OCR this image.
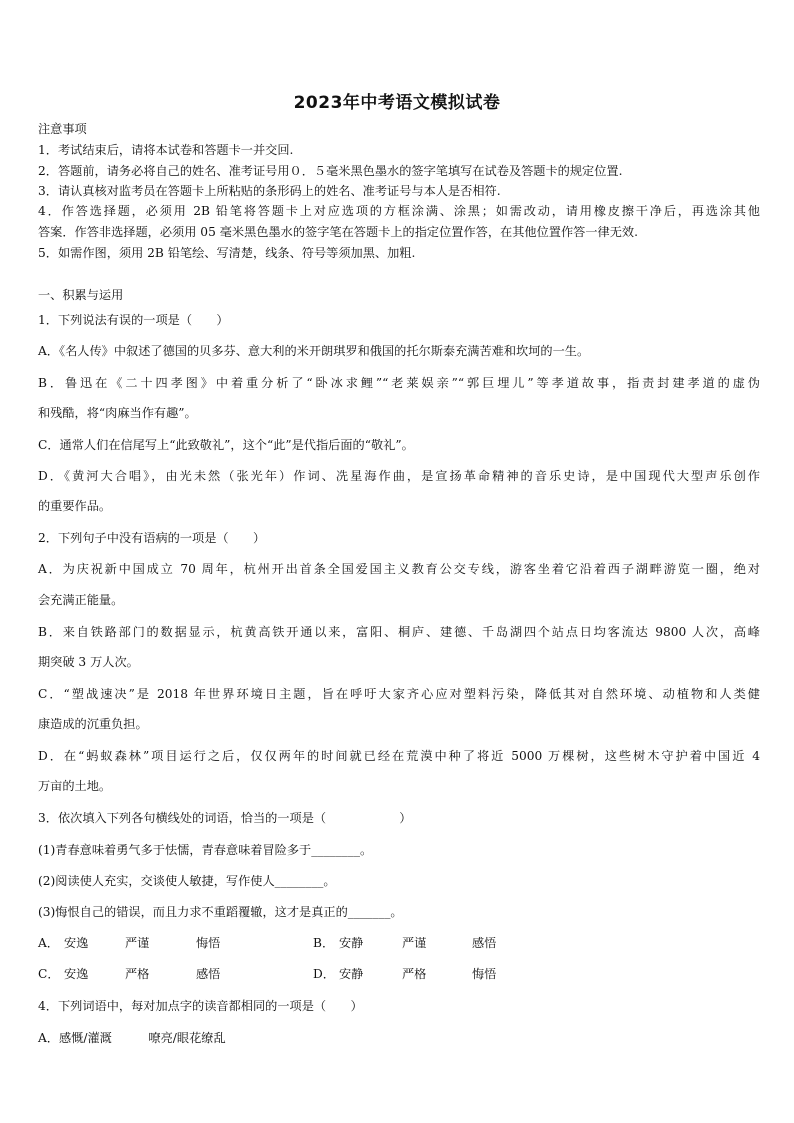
2023年中考语文模拟试卷
注意事项
1．考试结束后，请将本试卷和答题卡一并交回.
2．答题前，请务必将自己的姓名、准考证号用０．５毫米黑色墨水的签字笔填写在试卷及答题卡的规定位置.
3．请认真核对监考员在答题卡上所粘贴的条形码上的姓名、准考证号与本人是否相符.
4．作答选择题，必须用 2B 铅笔将答题卡上对应选项的方框涂满、涂黑；如需改动，请用橡皮擦干净后，再选涂其他
答案．作答非选择题，必须用 05 毫米黑色墨水的签字笔在答题卡上的指定位置作答，在其他位置作答一律无效.
5．如需作图，须用 2B 铅笔绘、写清楚，线条、符号等须加黑、加粗.
一、积累与运用
1．下列说法有误的一项是（　　）
A．《名人传》中叙述了德国的贝多芬、意大利的米开朗琪罗和俄国的托尔斯泰充满苦难和坎坷的一生。
B．鲁迅在《二十四孝图》中着重分析了“卧冰求鲤”“老莱娱亲”“郭巨埋儿”等孝道故事，指责封建孝道的虚伪
和残酷，将“肉麻当作有趣”。
C．通常人们在信尾写上“此致敬礼”，这个“此”是代指后面的“敬礼”。
D．《黄河大合唱》，由光未然（张光年）作词、冼星海作曲，是宣扬革命精神的音乐史诗，是中国现代大型声乐创作
的重要作品。
2．下列句子中没有语病的一项是（　　）
A．为庆祝新中国成立 70 周年，杭州开出首条全国爱国主义教育公交专线，游客坐着它沿着西子湖畔游览一圈，绝对
会充满正能量。
B．来自铁路部门的数据显示，杭黄高铁开通以来，富阳、桐庐、建德、千岛湖四个站点日均客流达 9800 人次，高峰
期突破 3 万人次。
C．“塑战速决”是 2018 年世界环境日主题，旨在呼吁大家齐心应对塑料污染，降低其对自然环境、动植物和人类健
康造成的沉重负担。
D．在“蚂蚁森林”项目运行之后，仅仅两年的时间就已经在荒漠中种了将近 5000 万棵树，这些树木守护着中国近 4
万亩的土地。
3．依次填入下列各句横线处的词语，恰当的一项是（　　　　　　）
(1)青春意味着勇气多于怯懦，青春意味着冒险多于________。
(2)阅读使人充实，交谈使人敏捷，写作使人________。
(3)悔恨自己的错误，而且力求不重蹈覆辙，这才是真正的_______。
A． 安逸	严谨	悔悟	B． 安静	严谨	感悟
C． 安逸	严格	感悟	D． 安静	严格	悔悟
4．下列词语中，每对加点字的读音都相同的一项是（　　）
A．感慨/灌溉　　　嘹亮/眼花缭乱
